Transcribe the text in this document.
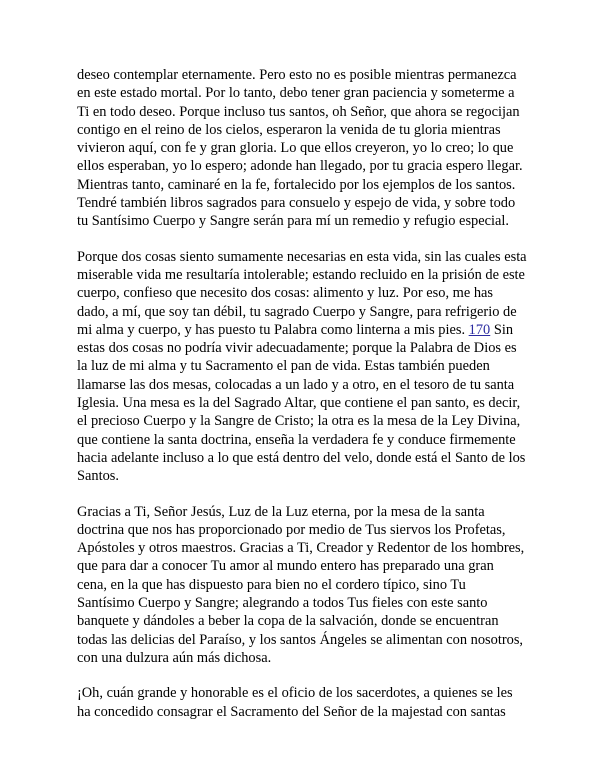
deseo contemplar eternamente. Pero esto no es posible mientras permanezca en este estado mortal. Por lo tanto, debo tener gran paciencia y someterme a Ti en todo deseo. Porque incluso tus santos, oh Señor, que ahora se regocijan contigo en el reino de los cielos, esperaron la venida de tu gloria mientras vivieron aquí, con fe y gran gloria. Lo que ellos creyeron, yo lo creo; lo que ellos esperaban, yo lo espero; adonde han llegado, por tu gracia espero llegar. Mientras tanto, caminaré en la fe, fortalecido por los ejemplos de los santos. Tendré también libros sagrados para consuelo y espejo de vida, y sobre todo tu Santísimo Cuerpo y Sangre serán para mí un remedio y refugio especial.

Porque dos cosas siento sumamente necesarias en esta vida, sin las cuales esta miserable vida me resultaría intolerable; estando recluido en la prisión de este cuerpo, confieso que necesito dos cosas: alimento y luz. Por eso, me has dado, a mí, que soy tan débil, tu sagrado Cuerpo y Sangre, para refrigerio de mi alma y cuerpo, y has puesto tu Palabra como linterna a mis pies. 170 Sin estas dos cosas no podría vivir adecuadamente; porque la Palabra de Dios es la luz de mi alma y tu Sacramento el pan de vida. Estas también pueden llamarse las dos mesas, colocadas a un lado y a otro, en el tesoro de tu santa Iglesia. Una mesa es la del Sagrado Altar, que contiene el pan santo, es decir, el precioso Cuerpo y la Sangre de Cristo; la otra es la mesa de la Ley Divina, que contiene la santa doctrina, enseña la verdadera fe y conduce firmemente hacia adelante incluso a lo que está dentro del velo, donde está el Santo de los Santos.

Gracias a Ti, Señor Jesús, Luz de la Luz eterna, por la mesa de la santa doctrina que nos has proporcionado por medio de Tus siervos los Profetas, Apóstoles y otros maestros. Gracias a Ti, Creador y Redentor de los hombres, que para dar a conocer Tu amor al mundo entero has preparado una gran cena, en la que has dispuesto para bien no el cordero típico, sino Tu Santísimo Cuerpo y Sangre; alegrando a todos Tus fieles con este santo banquete y dándoles a beber la copa de la salvación, donde se encuentran todas las delicias del Paraíso, y los santos Ángeles se alimentan con nosotros, con una dulzura aún más dichosa.

¡Oh, cuán grande y honorable es el oficio de los sacerdotes, a quienes se les ha concedido consagrar el Sacramento del Señor de la majestad con santas
